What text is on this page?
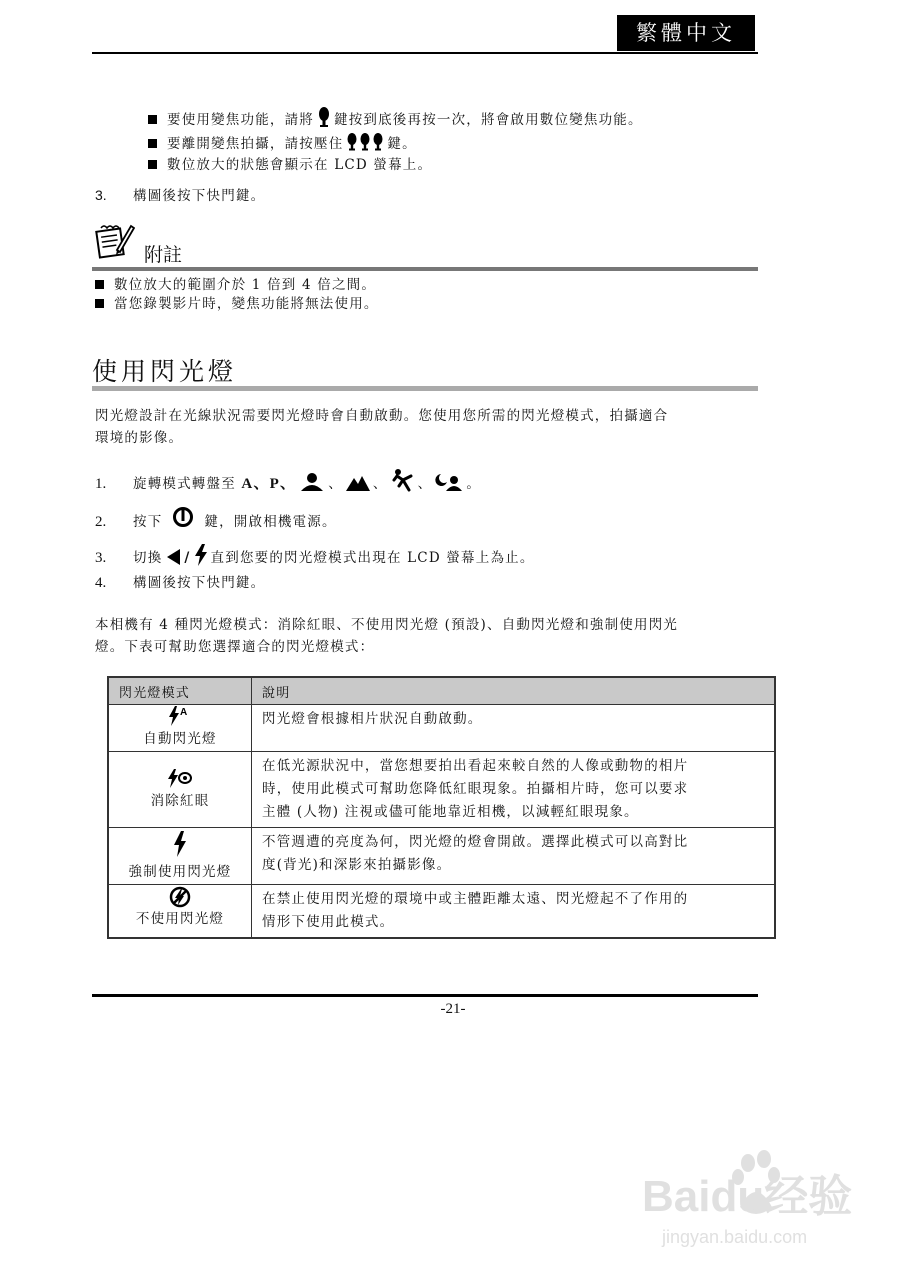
繁體中文
要使用變焦功能，請將 鍵按到底後再按一次，將會啟用數位變焦功能。
要離開變焦拍攝，請按壓住	鍵。
數位放大的狀態會顯示在 LCD 螢幕上。
3. 構圖後按下快門鍵。
附註
數位放大的範圍介於 1 倍到 4 倍之間。
當您錄製影片時，變焦功能將無法使用。
使用閃光燈
閃光燈設計在光線狀況需要閃光燈時會自動啟動。您使用您所需的閃光燈模式，拍攝適合
環境的影像。
1. 旋轉模式轉盤至 A、P、 、 、 、	。
2. 按下	鍵，開啟相機電源。
3. 切換 / 直到您要的閃光燈模式出現在 LCD 螢幕上為止。
4. 構圖後按下快門鍵。
本相機有 4 種閃光燈模式：消除紅眼、不使用閃光燈 (預設)、自動閃光燈和強制使用閃光
燈。下表可幫助您選擇適合的閃光燈模式：
閃光燈模式	說明

A
自動閃光燈	閃光燈會根據相片狀況自動啟動。

消除紅眼	在低光源狀況中，當您想要拍出看起來較自然的人像或動物的相片
時，使用此模式可幫助您降低紅眼現象。拍攝相片時，您可以要求
主體 (人物) 注視或儘可能地靠近相機，以減輕紅眼現象。

強制使用閃光燈	不管週遭的亮度為何，閃光燈的燈會開啟。選擇此模式可以高對比
度(背光)和深影來拍攝影像。

不使用閃光燈	在禁止使用閃光燈的環境中或主體距離太遠、閃光燈起不了作用的
情形下使用此模式。
-21-
Baidu经验
jingyan.baidu.com
